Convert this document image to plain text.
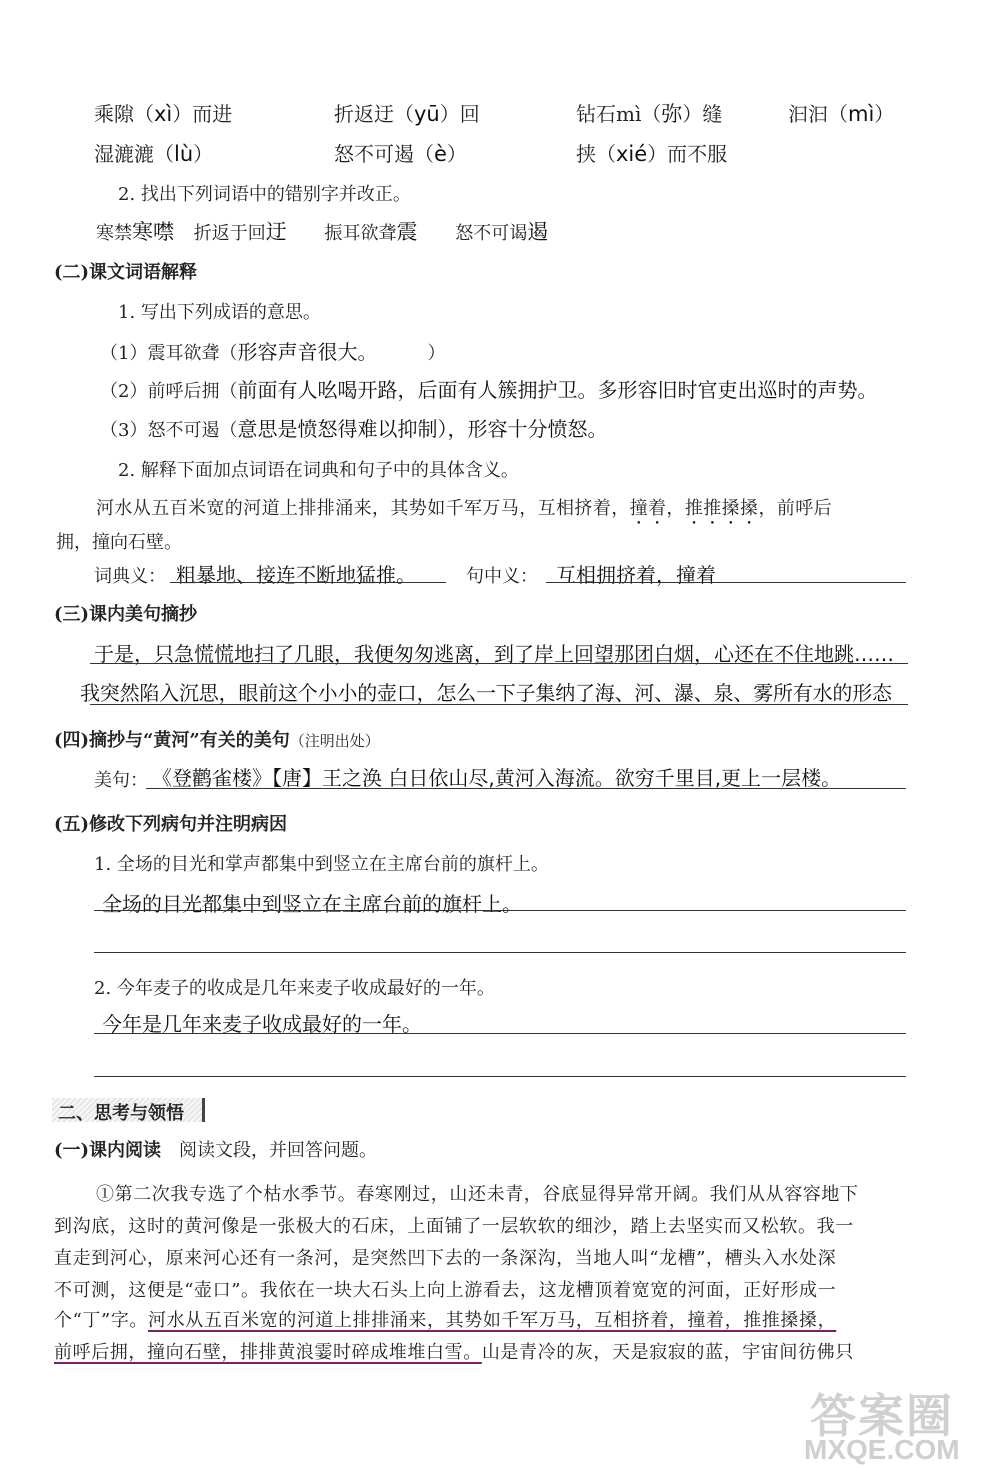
乘隙（xì）而进	折返迂（yū）回	钻石mì（弥）缝	汩汩（mì）
湿漉漉（lù）	怒不可遏（è）	挟（xié）而不服
2. 找出下列词语中的错别字并改正。
寒禁寒噤 折返于回迂 振耳欲聋震 怒不可谒遏
(二)课文词语解释
1. 写出下列成语的意思。
（1）震耳欲聋（形容声音很大。	）
（2）前呼后拥（前面有人吆喝开路，后面有人簇拥护卫。多形容旧时官吏出巡时的声势。
（3）怒不可遏（意思是愤怒得难以抑制），形容十分愤怒。
2. 解释下面加点词语在词典和句子中的具体含义。
河水从五百米宽的河道上排排涌来，其势如千军万马，互相挤着，撞着，推推搡搡，前呼后
拥，撞向石壁。
词典义： 粗暴地、接连不断地猛推。	句中义： 互相拥挤着，撞着
(三)课内美句摘抄
于是，只急慌慌地扫了几眼，我便匆匆逃离，到了岸上回望那团白烟，心还在不住地跳……
我突然陷入沉思，眼前这个小小的壶口，怎么一下子集纳了海、河、瀑、泉、雾所有水的形态
(四)摘抄与“黄河”有关的美句（注明出处）
美句： 《登鹳雀楼》【唐】王之涣 白日依山尽,黄河入海流。欲穷千里目,更上一层楼。
(五)修改下列病句并注明病因
1. 全场的目光和掌声都集中到竖立在主席台前的旗杆上。
全场的目光都集中到竖立在主席台前的旗杆上。
2. 今年麦子的收成是几年来麦子收成最好的一年。
今年是几年来麦子收成最好的一年。
二、思考与领悟
(一)课内阅读 阅读文段，并回答问题。
①第二次我专选了个枯水季节。春寒刚过，山还未青，谷底显得异常开阔。我们从从容容地下
到沟底，这时的黄河像是一张极大的石床，上面铺了一层软软的细沙，踏上去坚实而又松软。我一
直走到河心，原来河心还有一条河，是突然凹下去的一条深沟，当地人叫“龙槽”，槽头入水处深
不可测，这便是“壶口”。我依在一块大石头上向上游看去，这龙槽顶着宽宽的河面，正好形成一
个“丁”字。河水从五百米宽的河道上排排涌来，其势如千军万马，互相挤着，撞着，推推搡搡，
前呼后拥，撞向石壁，排排黄浪霎时碎成堆堆白雪。山是青冷的灰，天是寂寂的蓝，宇宙间彷佛只
答案圈
MXQE.COM
